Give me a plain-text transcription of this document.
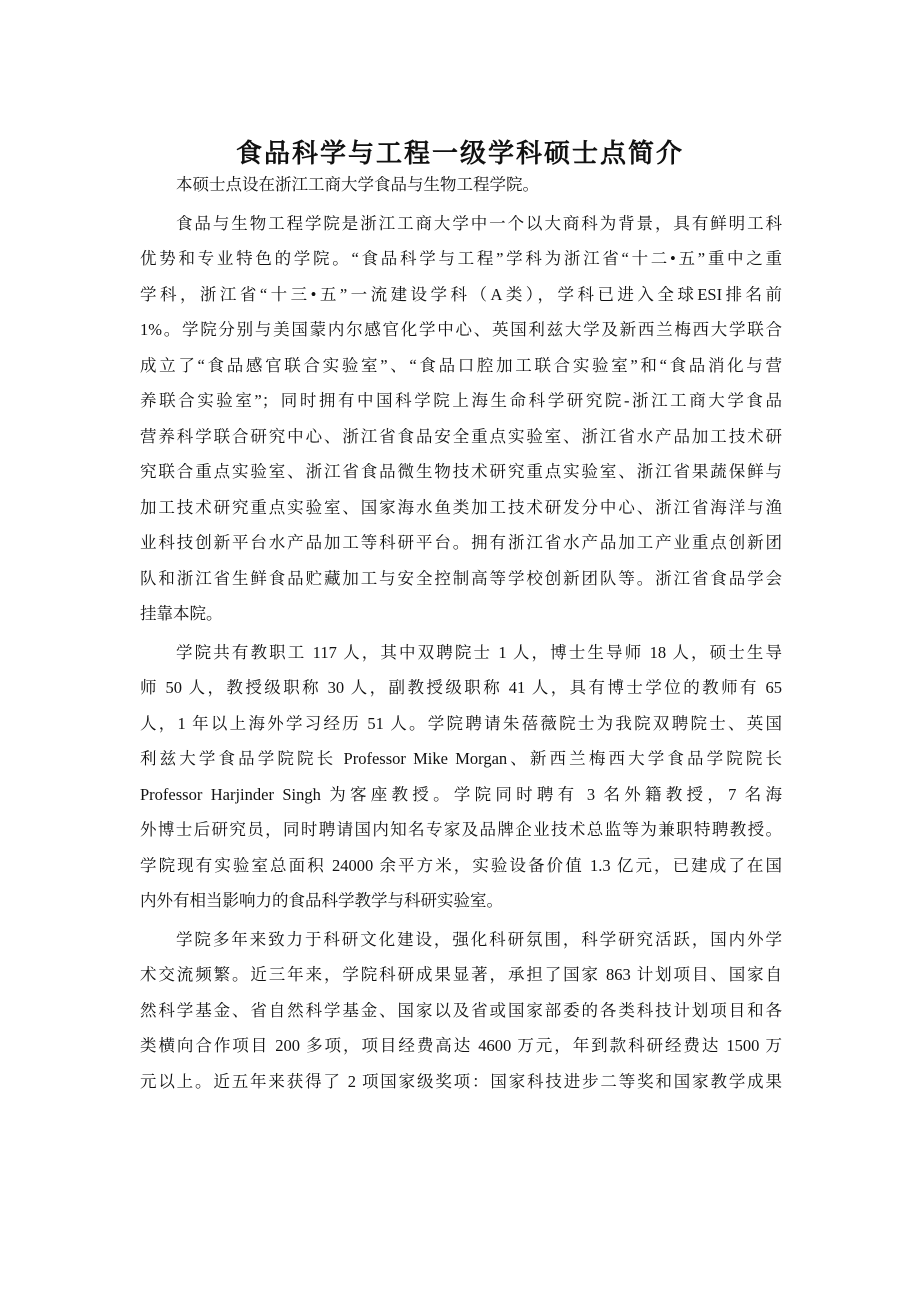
食品科学与工程一级学科硕士点简介
本硕士点设在浙江工商大学食品与生物工程学院。
食品与生物工程学院是浙江工商大学中一个以大商科为背景，具有鲜明工科
优势和专业特色的学院。“食品科学与工程”学科为浙江省“十二•五”重中之重
学科，浙江省“十三•五”一流建设学科（A类），学科已进入全球ESI排名前
1%。学院分别与美国蒙内尔感官化学中心、英国利兹大学及新西兰梅西大学联合
成立了“食品感官联合实验室”、“食品口腔加工联合实验室”和“食品消化与营
养联合实验室”；同时拥有中国科学院上海生命科学研究院-浙江工商大学食品
营养科学联合研究中心、浙江省食品安全重点实验室、浙江省水产品加工技术研
究联合重点实验室、浙江省食品微生物技术研究重点实验室、浙江省果蔬保鲜与
加工技术研究重点实验室、国家海水鱼类加工技术研发分中心、浙江省海洋与渔
业科技创新平台水产品加工等科研平台。拥有浙江省水产品加工产业重点创新团
队和浙江省生鲜食品贮藏加工与安全控制高等学校创新团队等。浙江省食品学会
挂靠本院。
学院共有教职工 117 人，其中双聘院士 1 人，博士生导师 18 人，硕士生导
师 50 人，教授级职称 30 人，副教授级职称 41 人，具有博士学位的教师有 65
人，1 年以上海外学习经历 51 人。学院聘请朱蓓薇院士为我院双聘院士、英国
利兹大学食品学院院长 Professor Mike Morgan、新西兰梅西大学食品学院院长
Professor Harjinder Singh 为客座教授。学院同时聘有 3 名外籍教授，7 名海
外博士后研究员，同时聘请国内知名专家及品牌企业技术总监等为兼职特聘教授。
学院现有实验室总面积 24000 余平方米，实验设备价值 1.3 亿元，已建成了在国
内外有相当影响力的食品科学教学与科研实验室。
学院多年来致力于科研文化建设，强化科研氛围，科学研究活跃，国内外学
术交流频繁。近三年来，学院科研成果显著，承担了国家 863 计划项目、国家自
然科学基金、省自然科学基金、国家以及省或国家部委的各类科技计划项目和各
类横向合作项目 200 多项，项目经费高达 4600 万元，年到款科研经费达 1500 万
元以上。近五年来获得了 2 项国家级奖项：国家科技进步二等奖和国家教学成果
